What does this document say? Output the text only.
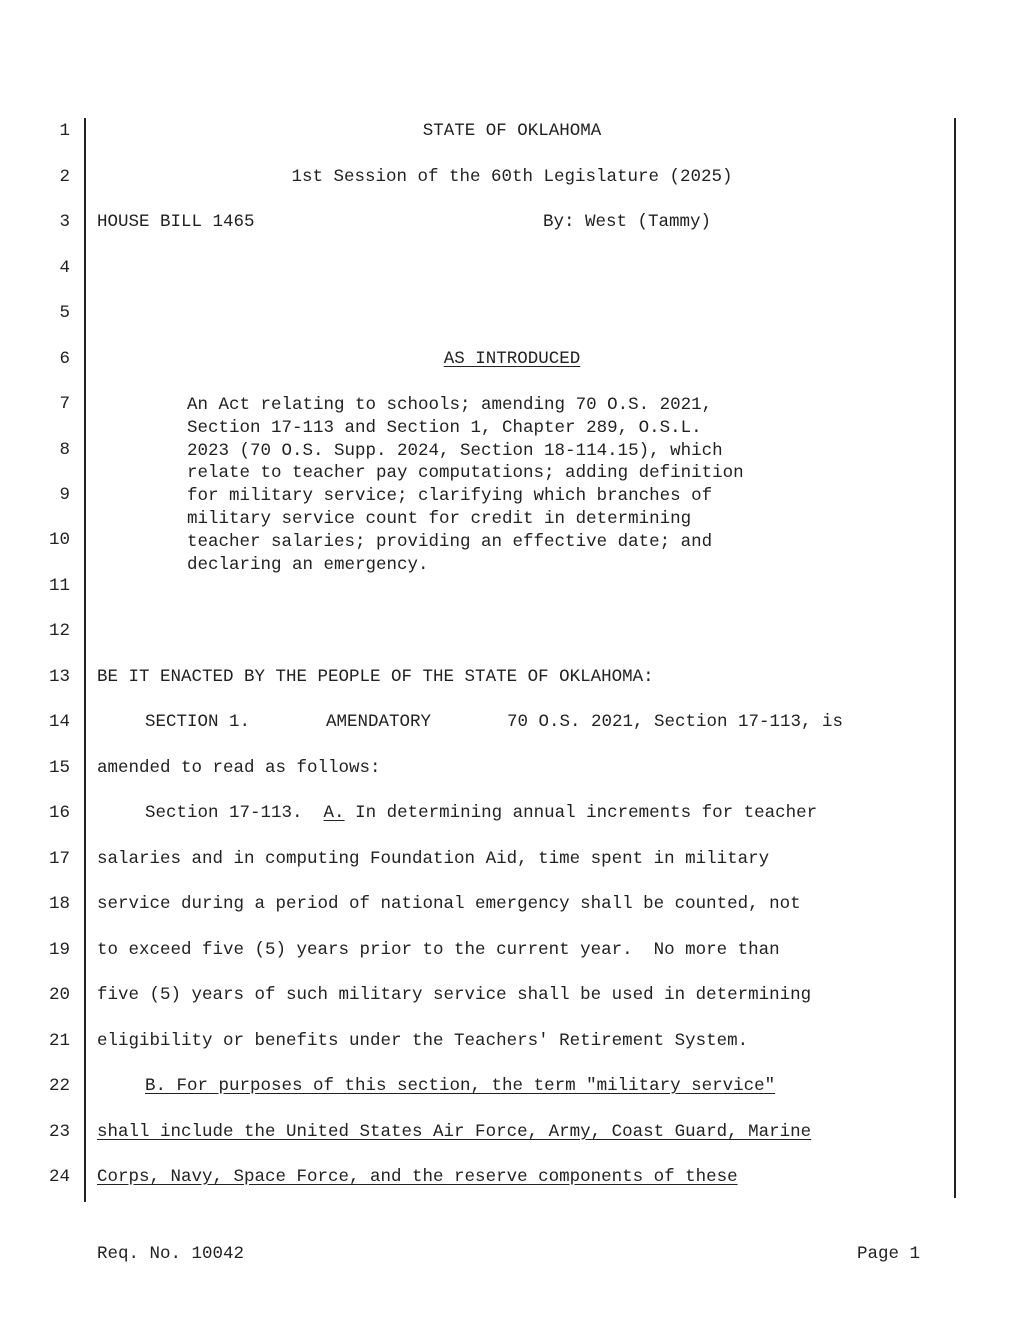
1
2
3
4
5
6
7
8
9
10
11
12
13
14
15
16
17
18
19
20
21
22
23
24
STATE OF OKLAHOMA
1st Session of the 60th Legislature (2025)
HOUSE BILL 1465	By: West (Tammy)
AS INTRODUCED
An Act relating to schools; amending 70 O.S. 2021,
Section 17-113 and Section 1, Chapter 289, O.S.L.
2023 (70 O.S. Supp. 2024, Section 18-114.15), which
relate to teacher pay computations; adding definition
for military service; clarifying which branches of
military service count for credit in determining
teacher salaries; providing an effective date; and
declaring an emergency.
BE IT ENACTED BY THE PEOPLE OF THE STATE OF OKLAHOMA:
SECTION 1.	AMENDATORY	70 O.S. 2021, Section 17-113, is
amended to read as follows:
Section 17-113. A. In determining annual increments for teacher
salaries and in computing Foundation Aid, time spent in military
service during a period of national emergency shall be counted, not
to exceed five (5) years prior to the current year.  No more than
five (5) years of such military service shall be used in determining
eligibility or benefits under the Teachers' Retirement System.
B. For purposes of this section, the term "military service"
shall include the United States Air Force, Army, Coast Guard, Marine
Corps, Navy, Space Force, and the reserve components of these
Req. No. 10042	Page 1
